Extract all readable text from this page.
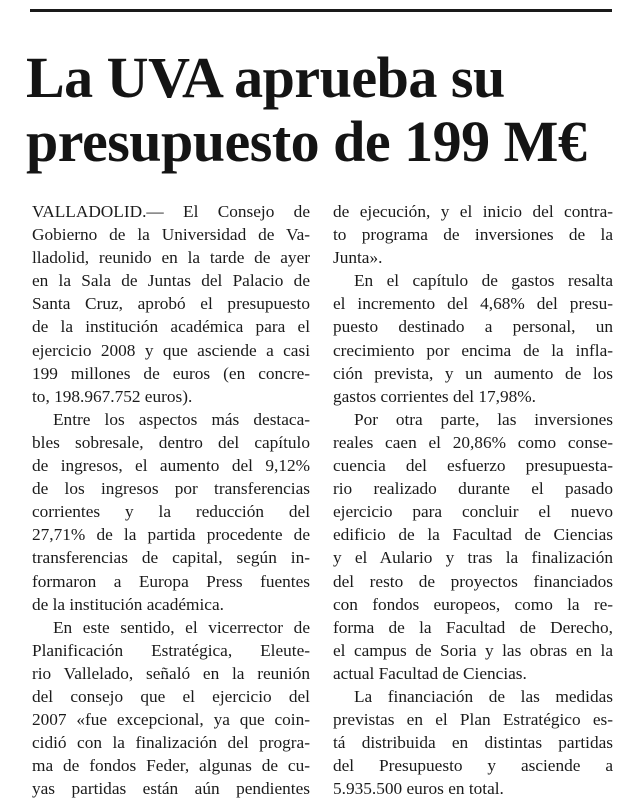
La UVA aprueba su
presupuesto de 199 M€
VALLADOLID.— El Consejo de
Gobierno de la Universidad de Va-
lladolid, reunido en la tarde de ayer
en la Sala de Juntas del Palacio de
Santa Cruz, aprobó el presupuesto
de la institución académica para el
ejercicio 2008 y que asciende a casi
199 millones de euros (en concre-
to, 198.967.752 euros).
Entre los aspectos más destaca-
bles sobresale, dentro del capítulo
de ingresos, el aumento del 9,12%
de los ingresos por transferencias
corrientes y la reducción del
27,71% de la partida procedente de
transferencias de capital, según in-
formaron a Europa Press fuentes
de la institución académica.
En este sentido, el vicerrector de
Planificación Estratégica, Eleute-
rio Vallelado, señaló en la reunión
del consejo que el ejercicio del
2007 «fue excepcional, ya que coin-
cidió con la finalización del progra-
ma de fondos Feder, algunas de cu-
yas partidas están aún pendientes
de ejecución, y el inicio del contra-
to programa de inversiones de la
Junta».
En el capítulo de gastos resalta
el incremento del 4,68% del presu-
puesto destinado a personal, un
crecimiento por encima de la infla-
ción prevista, y un aumento de los
gastos corrientes del 17,98%.
Por otra parte, las inversiones
reales caen el 20,86% como conse-
cuencia del esfuerzo presupuesta-
rio realizado durante el pasado
ejercicio para concluir el nuevo
edificio de la Facultad de Ciencias
y el Aulario y tras la finalización
del resto de proyectos financiados
con fondos europeos, como la re-
forma de la Facultad de Derecho,
el campus de Soria y las obras en la
actual Facultad de Ciencias.
La financiación de las medidas
previstas en el Plan Estratégico es-
tá distribuida en distintas partidas
del Presupuesto y asciende a
5.935.500 euros en total.
